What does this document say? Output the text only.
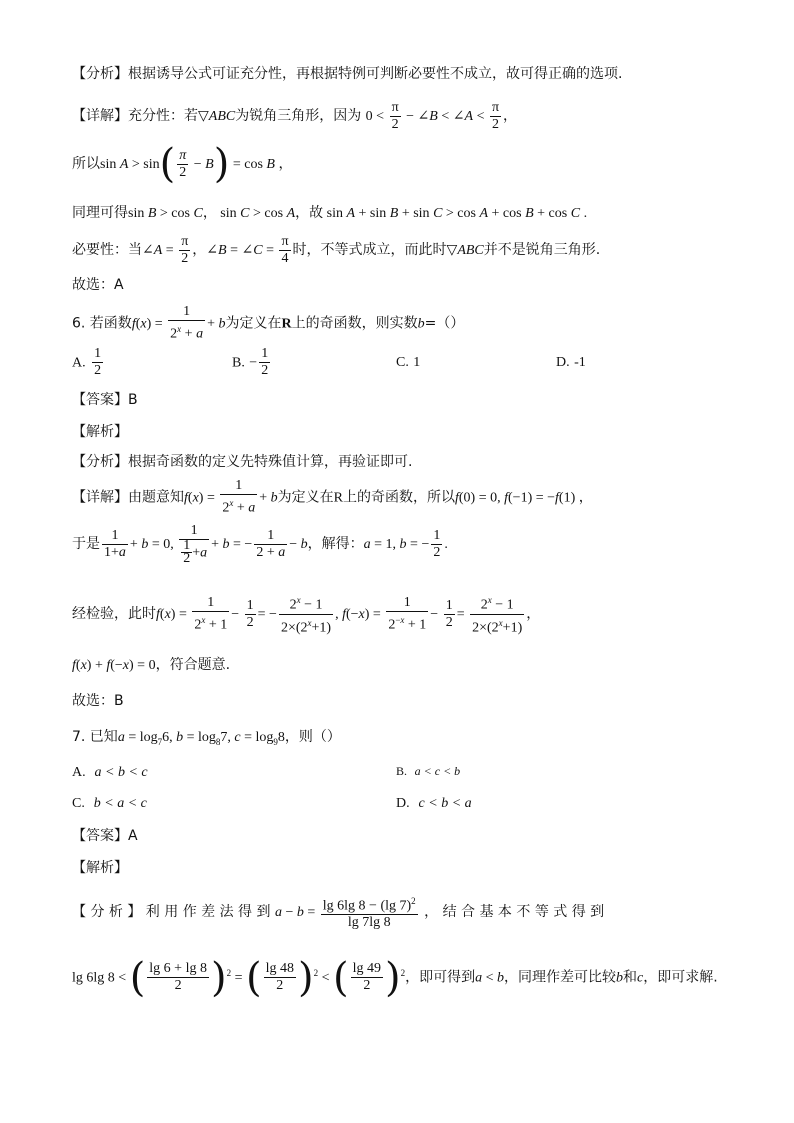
【分析】根据诱导公式可证充分性，再根据特例可判断必要性不成立，故可得正确的选项.
【详解】充分性：若▽ABC为锐角三角形，因为 $0 < \frac{\pi}{2}$ − ∠B < ∠A < $\frac{\pi}{2}$ ，
所以$\sin A > \sin( \frac{\pi}{2} - B) = \cos B$ ，
同理可得sin B > cos C， sin C > cos A，故 sin A + sin B + sin C > cos A + cos B + cos C .
必要性：当∠A = $\frac{\pi}{2}$ ，∠B = ∠C = $\frac{\pi}{4}$ 时，不等式成立，而此时▽ABC并不是锐角三角形.
故选：A
6. 若函数$f(x) = \frac{1}{2^x + a} + b$为定义在R上的奇函数，则实数b=（）
A. $\frac{1}{2}$	B. − $\frac{1}{2}$	C. 1	D. -1
【答案】B
【解析】
【分析】根据奇函数的定义先特殊值计算，再验证即可.
【详解】由题意知$f(x) = \frac{1}{2^x + a} + b$为定义在R上的奇函数，所以f(0) = 0, f(−1) = −f(1) ，
于是 $\frac{1}{1+a} + b = 0$, $\frac{1}{\frac{1}{2} +a} + b$ = − $\frac{1}{2 + a} - b$，解得：a = 1, b = − $\frac{1}{2}$ .
经检验，此时$f(x) = \frac{1}{2^x + 1} - \frac{1}{2}$ = − $\frac{2^x - 1}{2\times(2^x+1)}$ , $f(-x) = \frac{1}{2^{-x} + 1} - \frac{1}{2} = \frac{2^x - 1}{2\times(2^x+1)}$ ，
f(x) + f(−x) = 0，符合题意.
故选：B
7. 已知$a = \log_76$, $b = \log_87$, $c = \log_98$，则（）
A. a < b < c	B. a < c < b
C. b < a < c	D. c < b < a
【答案】A
【解析】
【 分 析 】 利 用 作 差 法 得 到 $a - b = \frac{\lg 6\lg 8 - (\lg 7)^2}{\lg 7\lg 8}$ ， 结 合 基 本 不 等 式 得 到
lg 6lg 8 < ( $\frac{\lg 6 + \lg 8}{2} )^2$ = ( $\frac{\lg 48}{2} )^2$ < ( $\frac{\lg 49}{2} )^2$，即可得到a < b，同理作差可比较b和c，即可求解.
